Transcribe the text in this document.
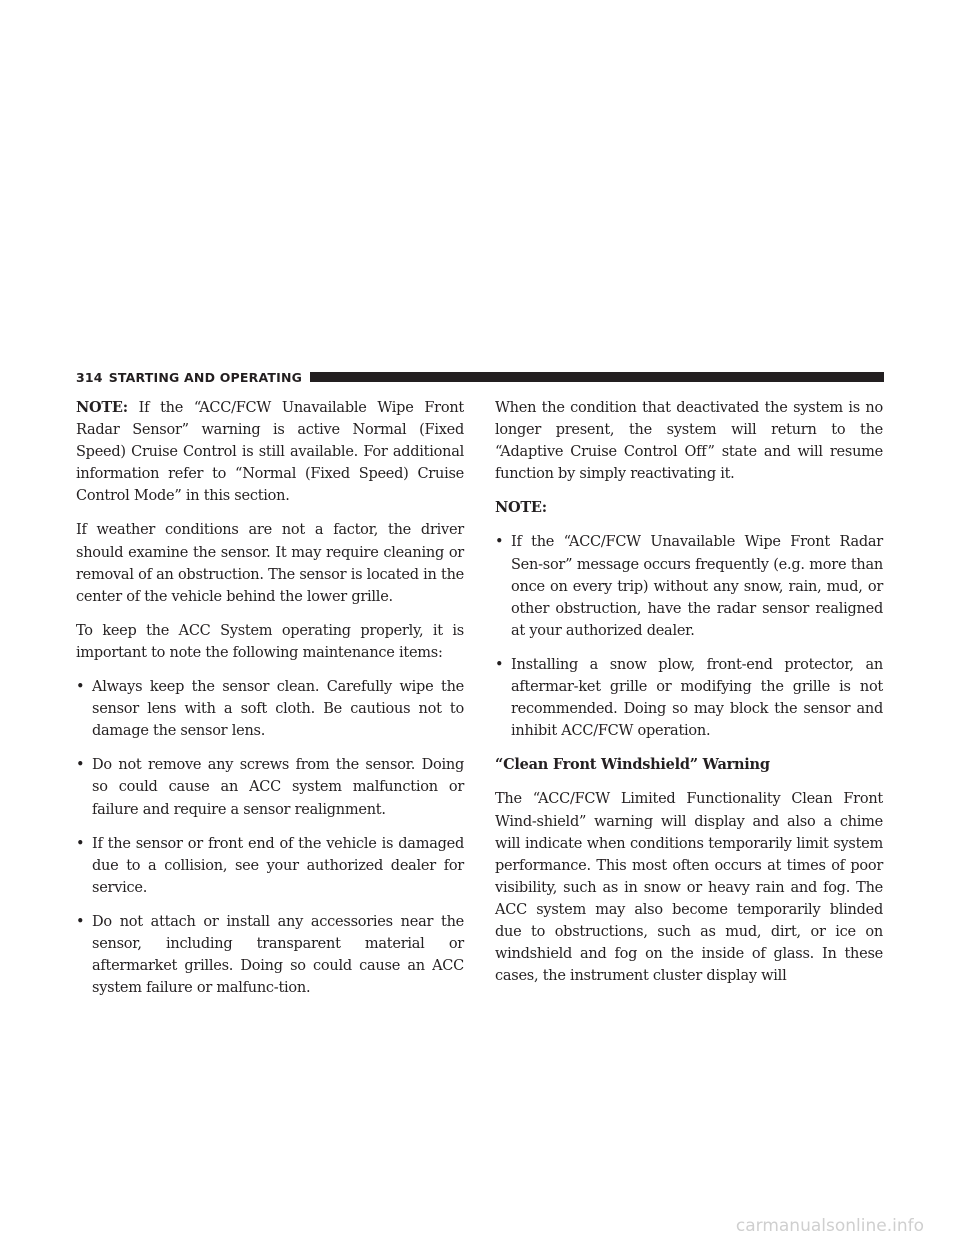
314 STARTING AND OPERATING

NOTE: If the “ACC/FCW Unavailable Wipe Front Radar Sensor” warning is active Normal (Fixed Speed) Cruise Control is still available. For additional information refer to “Normal (Fixed Speed) Cruise Control Mode” in this section.

If weather conditions are not a factor, the driver should examine the sensor. It may require cleaning or removal of an obstruction. The sensor is located in the center of the vehicle behind the lower grille.

To keep the ACC System operating properly, it is important to note the following maintenance items:

• Always keep the sensor clean. Carefully wipe the sensor lens with a soft cloth. Be cautious not to damage the sensor lens.
• Do not remove any screws from the sensor. Doing so could cause an ACC system malfunction or failure and require a sensor realignment.
• If the sensor or front end of the vehicle is damaged due to a collision, see your authorized dealer for service.
• Do not attach or install any accessories near the sensor, including transparent material or aftermarket grilles. Doing so could cause an ACC system failure or malfunc-tion.

When the condition that deactivated the system is no longer present, the system will return to the “Adaptive Cruise Control Off” state and will resume function by simply reactivating it.

NOTE:
• If the “ACC/FCW Unavailable Wipe Front Radar Sen-sor” message occurs frequently (e.g. more than once on every trip) without any snow, rain, mud, or other obstruction, have the radar sensor realigned at your authorized dealer.
• Installing a snow plow, front-end protector, an aftermar-ket grille or modifying the grille is not recommended. Doing so may block the sensor and inhibit ACC/FCW operation.
“Clean Front Windshield” Warning

The “ACC/FCW Limited Functionality Clean Front Wind-shield” warning will display and also a chime will indicate when conditions temporarily limit system performance. This most often occurs at times of poor visibility, such as in snow or heavy rain and fog. The ACC system may also become temporarily blinded due to obstructions, such as mud, dirt, or ice on windshield and fog on the inside of glass. In these cases, the instrument cluster display will

carmanualsonline.info
